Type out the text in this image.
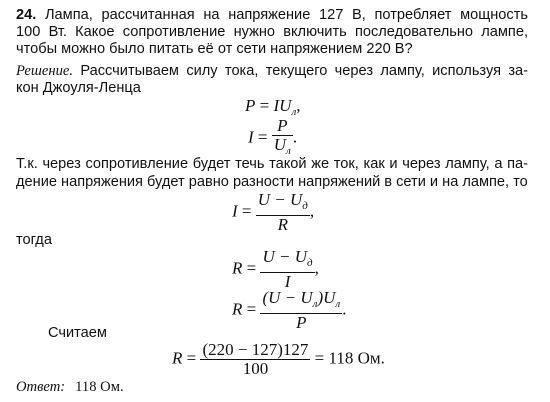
24. Лампа, рассчитанная на напряжение 127 В, потребляет мощность
100 Вт. Какое сопротивление нужно включить последовательно лампе,
чтобы можно было питать её от сети напряжением 220 В?
Решение. Рассчитываем силу тока, текущего через лампу, используя за-
кон Джоуля-Ленца
$P = IU_л$,
$I = \frac{P}{U_л}$ .
Т.к. через сопротивление будет течь такой же ток, как и через лампу, а па-
дение напряжения будет равно разности напряжений в сети и на лампе, то
$I = \frac{U - U_д}{R}$ ,
тогда
$R = \frac{U - U_д}{I}$ ,
$R = \frac{(U - U_л)U_л}{P}$ .
Считаем
$R = \frac{(220 - 127)127}{100} = 118$ Ом.
Ответ: 118 Ом.
